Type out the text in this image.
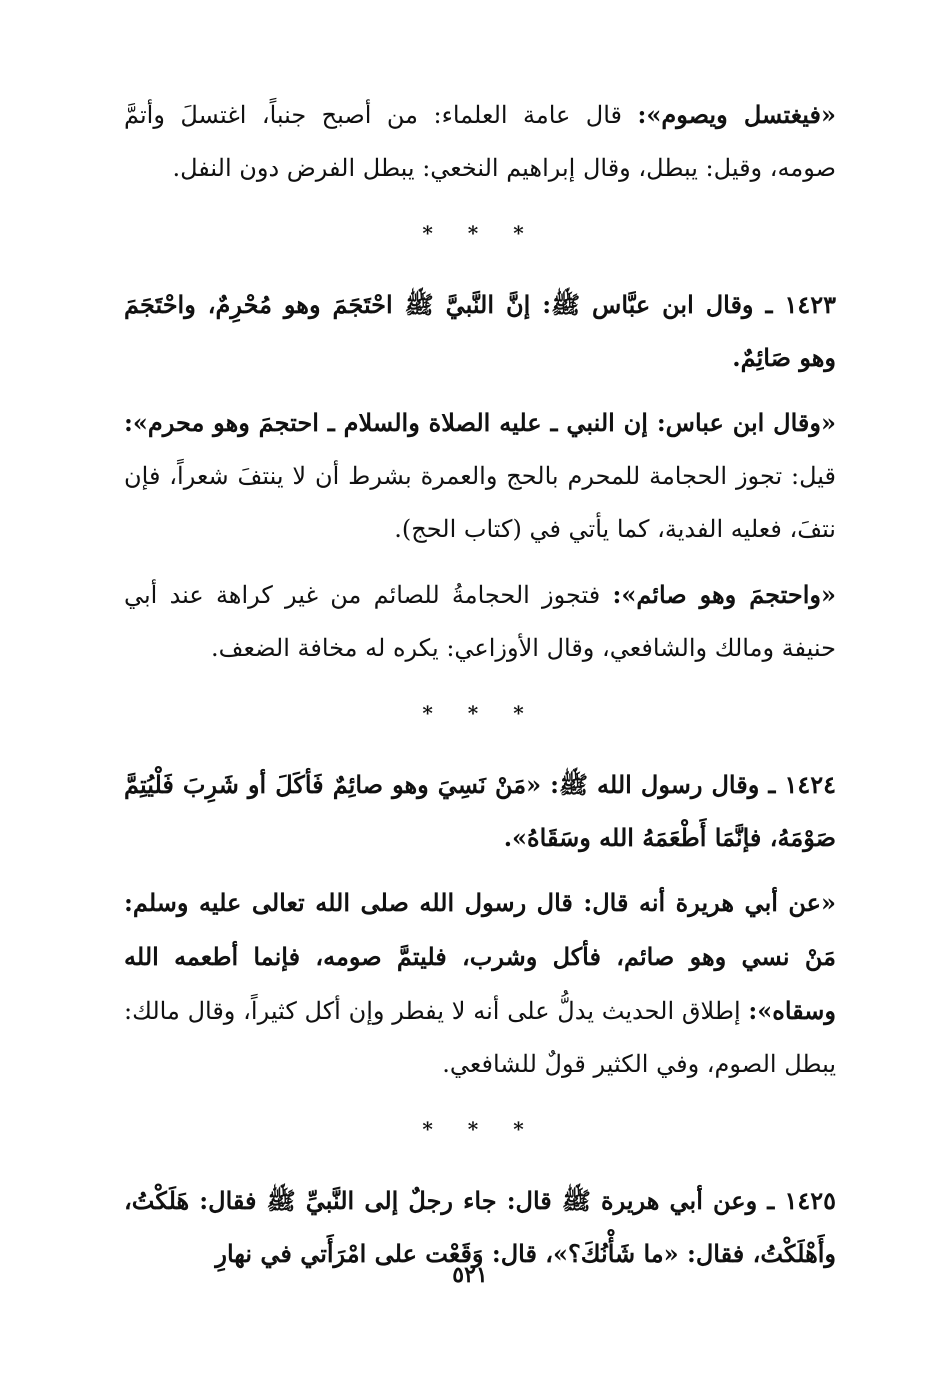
«فيغتسل ويصوم»: قال عامة العلماء: من أصبح جنباً، اغتسلَ وأتمَّ صومه، وقيل: يبطل، وقال إبراهيم النخعي: يبطل الفرض دون النفل.

* * *

١٤٢٣ ـ وقال ابن عبَّاس ﷺ: إنَّ النَّبيَّ ﷺ احْتَجَمَ وهو مُحْرِمٌ، واحْتَجَمَ وهو صَائِمٌ.

«وقال ابن عباس: إن النبي ـ عليه الصلاة والسلام ـ احتجمَ وهو محرم»: قيل: تجوز الحجامة للمحرم بالحج والعمرة بشرط أن لا ينتفَ شعراً، فإن نتفَ، فعليه الفدية، كما يأتي في (كتاب الحج).

«واحتجمَ وهو صائم»: فتجوز الحجامةُ للصائم من غير كراهة عند أبي حنيفة ومالك والشافعي، وقال الأوزاعي: يكره له مخافة الضعف.

* * *

١٤٢٤ ـ وقال رسول الله ﷺ: «مَنْ نَسِيَ وهو صائِمٌ فَأكَلَ أو شَرِبَ فَلْيُتِمَّ صَوْمَهُ، فإنَّمَا أَطْعَمَهُ الله وسَقَاهُ».

«عن أبي هريرة أنه قال: قال رسول الله صلى الله تعالى عليه وسلم: مَنْ نسي وهو صائم، فأكل وشرب، فليتمَّ صومه، فإنما أطعمه الله وسقاه»: إطلاق الحديث يدلُّ على أنه لا يفطر وإن أكل كثيراً، وقال مالك: يبطل الصوم، وفي الكثير قولٌ للشافعي.

* * *

١٤٢٥ ـ وعن أبي هريرة ﷺ قال: جاء رجلٌ إلى النَّبيِّ ﷺ فقال: هَلَكْتُ، وأَهْلَكْتُ، فقال: «ما شَأْنُكَ؟»، قال: وَقَعْت على امْرَأَتي في نهارِ

٥٢١
